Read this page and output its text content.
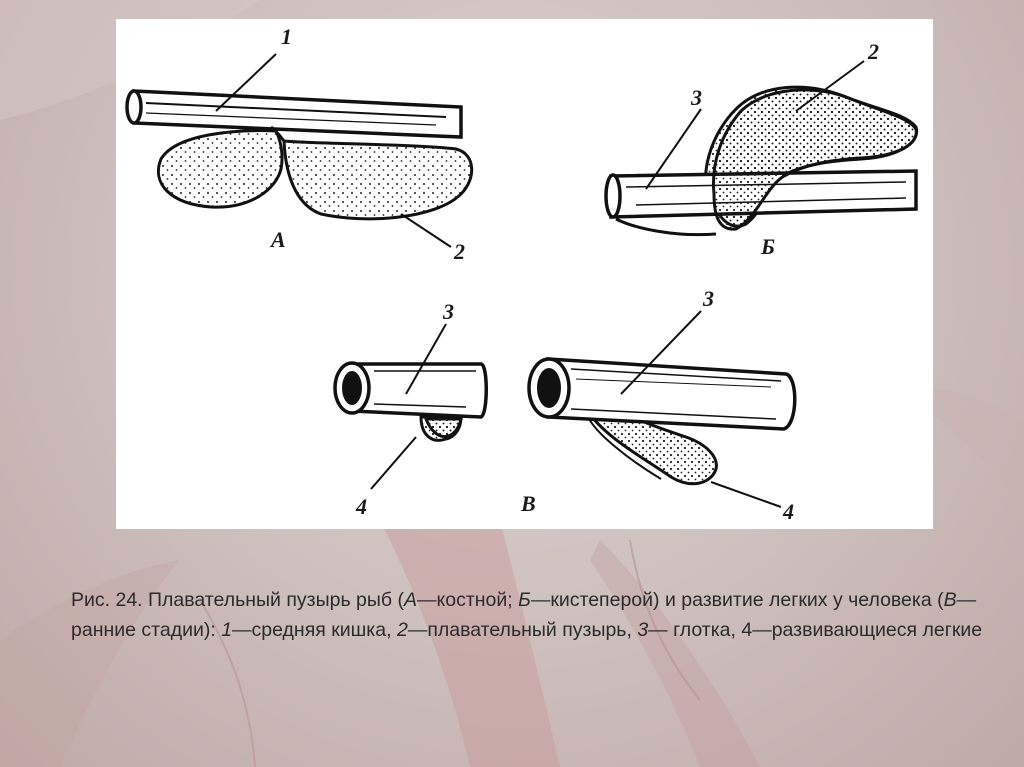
1
2
А
2
3
Б
3
4
3
4
В
Рис. 24. Плавательный пузырь рыб (А—костной; Б—кистеперой) и развитие легких у человека (В—ранние стадии): 1—средняя кишка, 2—плавательный пузырь, 3— глотка, 4—развивающиеся легкие
